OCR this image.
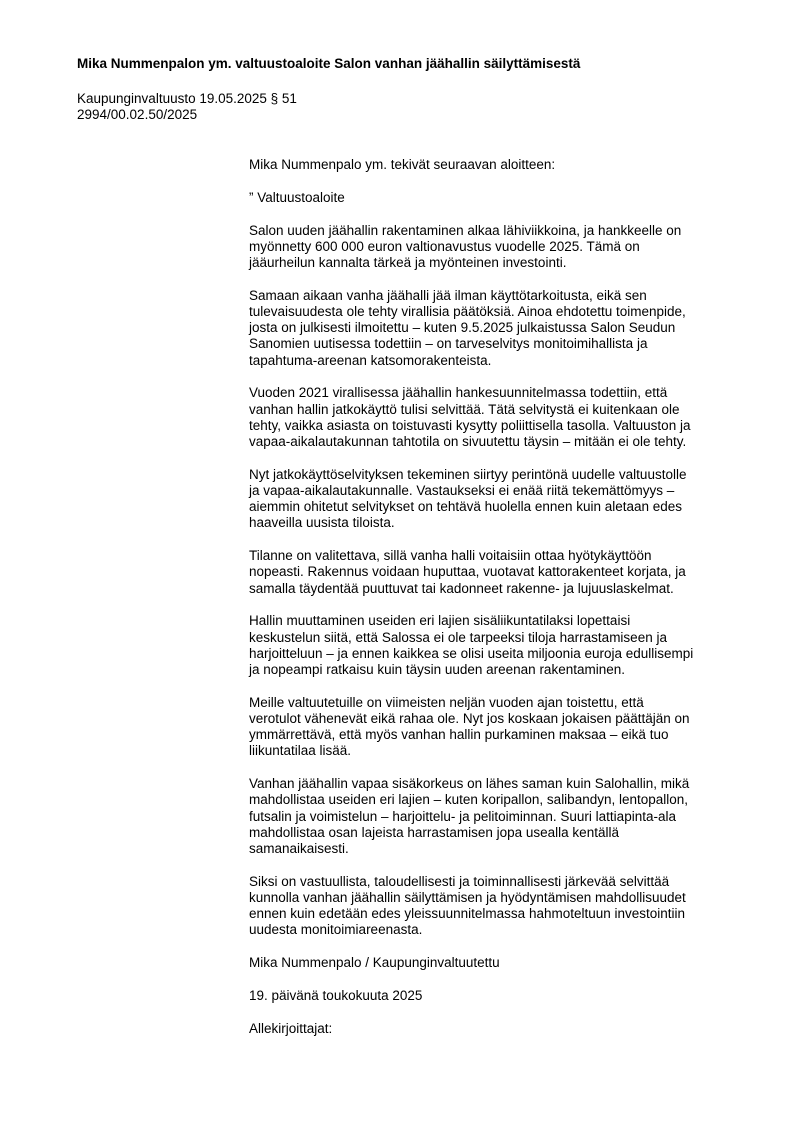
Mika Nummenpalon ym. valtuustoaloite Salon vanhan jäähallin säilyttämisestä
Kaupunginvaltuusto 19.05.2025 § 51
2994/00.02.50/2025

Mika Nummenpalo ym. tekivät seuraavan aloitteen:

” Valtuustoaloite

Salon uuden jäähallin rakentaminen alkaa lähiviikkoina, ja hankkeelle on
myönnetty 600 000 euron valtionavustus vuodelle 2025. Tämä on
jääurheilun kannalta tärkeä ja myönteinen investointi.

Samaan aikaan vanha jäähalli jää ilman käyttötarkoitusta, eikä sen
tulevaisuudesta ole tehty virallisia päätöksiä. Ainoa ehdotettu toimenpide,
josta on julkisesti ilmoitettu – kuten 9.5.2025 julkaistussa Salon Seudun
Sanomien uutisessa todettiin – on tarveselvitys monitoimihallista ja
tapahtuma-areenan katsomorakenteista.

Vuoden 2021 virallisessa jäähallin hankesuunnitelmassa todettiin, että
vanhan hallin jatkokäyttö tulisi selvittää. Tätä selvitystä ei kuitenkaan ole
tehty, vaikka asiasta on toistuvasti kysytty poliittisella tasolla. Valtuuston ja
vapaa-aikalautakunnan tahtotila on sivuutettu täysin – mitään ei ole tehty.

Nyt jatkokäyttöselvityksen tekeminen siirtyy perintönä uudelle valtuustolle
ja vapaa-aikalautakunnalle. Vastaukseksi ei enää riitä tekemättömyys –
aiemmin ohitetut selvitykset on tehtävä huolella ennen kuin aletaan edes
haaveilla uusista tiloista.

Tilanne on valitettava, sillä vanha halli voitaisiin ottaa hyötykäyttöön
nopeasti. Rakennus voidaan huputtaa, vuotavat kattorakenteet korjata, ja
samalla täydentää puuttuvat tai kadonneet rakenne- ja lujuuslaskelmat.

Hallin muuttaminen useiden eri lajien sisäliikuntatilaksi lopettaisi
keskustelun siitä, että Salossa ei ole tarpeeksi tiloja harrastamiseen ja
harjoitteluun – ja ennen kaikkea se olisi useita miljoonia euroja edullisempi
ja nopeampi ratkaisu kuin täysin uuden areenan rakentaminen.

Meille valtuutetuille on viimeisten neljän vuoden ajan toistettu, että
verotulot vähenevät eikä rahaa ole. Nyt jos koskaan jokaisen päättäjän on
ymmärrettävä, että myös vanhan hallin purkaminen maksaa – eikä tuo
liikuntatilaa lisää.

Vanhan jäähallin vapaa sisäkorkeus on lähes saman kuin Salohallin, mikä
mahdollistaa useiden eri lajien – kuten koripallon, salibandyn, lentopallon,
futsalin ja voimistelun – harjoittelu- ja pelitoiminnan. Suuri lattiapinta-ala
mahdollistaa osan lajeista harrastamisen jopa usealla kentällä
samanaikaisesti.

Siksi on vastuullista, taloudellisesti ja toiminnallisesti järkevää selvittää
kunnolla vanhan jäähallin säilyttämisen ja hyödyntämisen mahdollisuudet
ennen kuin edetään edes yleissuunnitelmassa hahmoteltuun investointiin
uudesta monitoimiareenasta.

Mika Nummenpalo / Kaupunginvaltuutettu

19. päivänä toukokuuta 2025

Allekirjoittajat:
